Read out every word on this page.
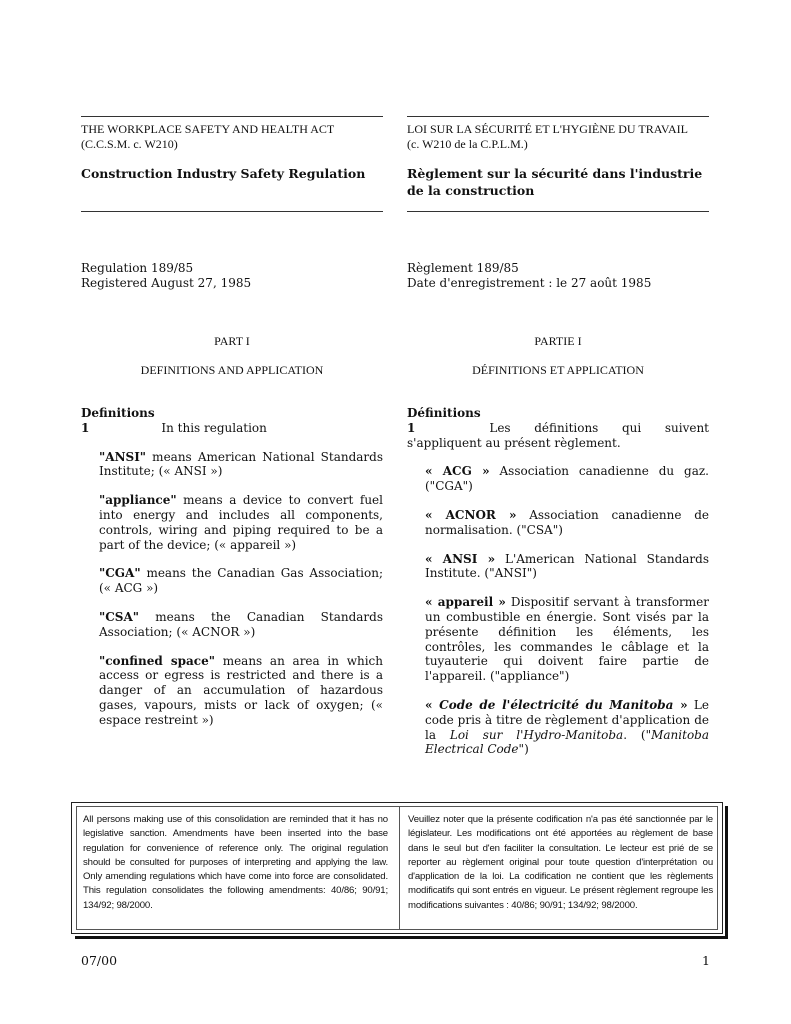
THE WORKPLACE SAFETY AND HEALTH ACT
(C.C.S.M. c. W210)
LOI SUR LA SÉCURITÉ ET L'HYGIÈNE DU TRAVAIL
(c. W210 de la C.P.L.M.)
Construction Industry Safety Regulation	Règlement sur la sécurité dans l'industrie de la construction
Regulation 189/85
Registered August 27, 1985
Règlement 189/85
Date d'enregistrement : le 27 août 1985
PART I	PARTIE I
DEFINITIONS AND APPLICATION	DÉFINITIONS ET APPLICATION
Definitions
1	In this regulation
"ANSI" means American National Standards Institute; (« ANSI »)
"appliance" means a device to convert fuel into energy and includes all components, controls, wiring and piping required to be a part of the device; (« appareil »)
"CGA" means the Canadian Gas Association; (« ACG »)
"CSA" means the Canadian Standards Association; (« ACNOR »)
"confined space" means an area in which access or egress is restricted and there is a danger of an accumulation of hazardous gases, vapours, mists or lack of oxygen; (« espace restreint »)
Définitions
1	Les définitions qui suivent s'appliquent au présent règlement.
« ACG » Association canadienne du gaz. ("CGA")
« ACNOR » Association canadienne de normalisation. ("CSA")
« ANSI » L'American National Standards Institute. ("ANSI")
« appareil » Dispositif servant à transformer un combustible en énergie. Sont visés par la présente définition les éléments, les contrôles, les commandes le câblage et la tuyauterie qui doivent faire partie de l'appareil. ("appliance")
« Code de l'électricité du Manitoba » Le code pris à titre de règlement d'application de la Loi sur l'Hydro-Manitoba. ("Manitoba Electrical Code")
All persons making use of this consolidation are reminded that it has no legislative sanction. Amendments have been inserted into the base regulation for convenience of reference only. The original regulation should be consulted for purposes of interpreting and applying the law. Only amending regulations which have come into force are consolidated. This regulation consolidates the following amendments: 40/86; 90/91; 134/92; 98/2000.
Veuillez noter que la présente codification n'a pas été sanctionnée par le législateur. Les modifications ont été apportées au règlement de base dans le seul but d'en faciliter la consultation. Le lecteur est prié de se reporter au règlement original pour toute question d'interprétation ou d'application de la loi. La codification ne contient que les règlements modificatifs qui sont entrés en vigueur. Le présent règlement regroupe les modifications suivantes : 40/86; 90/91; 134/92; 98/2000.
07/00	1
